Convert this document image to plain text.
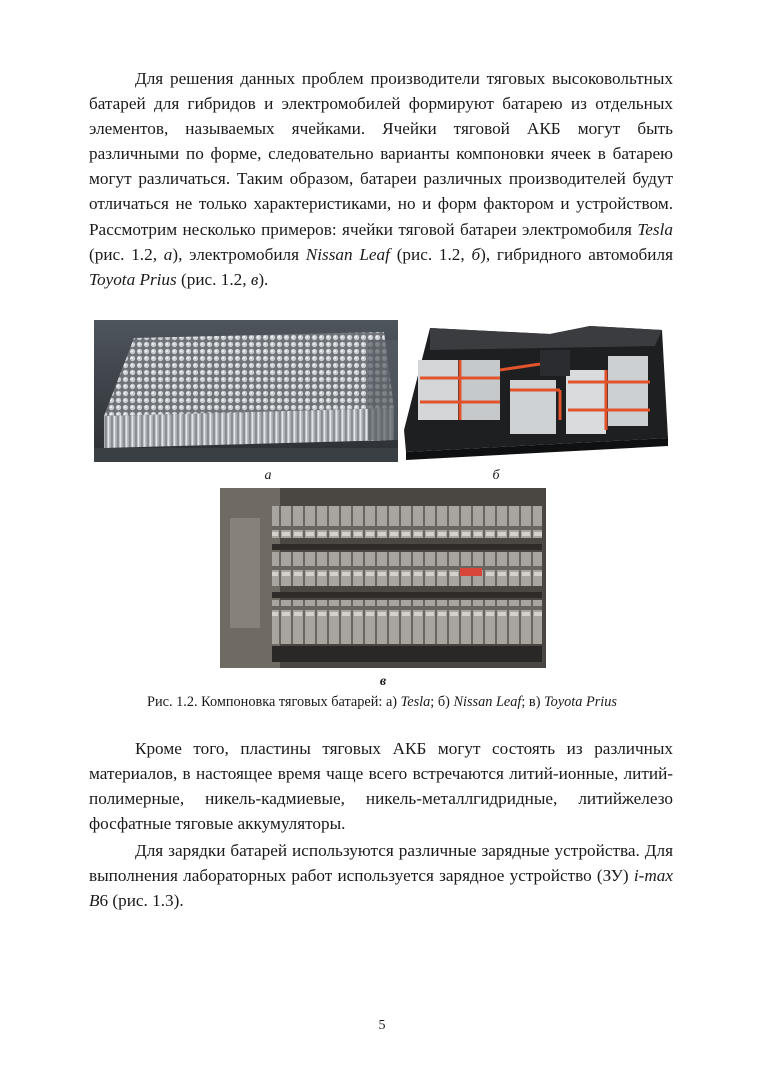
Для решения данных проблем производители тяговых высоковольтных батарей для гибридов и электромобилей формируют батарею из отдельных элементов, называемых ячейками. Ячейки тяговой АКБ могут быть различными по форме, следовательно варианты компоновки ячеек в батарею могут различаться. Таким образом, батареи различных производителей будут отличаться не только характеристиками, но и форм фактором и устройством. Рассмотрим несколько примеров: ячейки тяговой батареи электромобиля Tesla (рис. 1.2, а), электромобиля Nissan Leaf (рис. 1.2, б), гибридного автомобиля Toyota Prius (рис. 1.2, в).

а	б
в
Рис. 1.2. Компоновка тяговых батарей: а) Tesla; б) Nissan Leaf; в) Toyota Prius

Кроме того, пластины тяговых АКБ могут состоять из различных материалов, в настоящее время чаще всего встречаются литий-ионные, литий-полимерные, никель-кадмиевые, никель-металлгидридные, литийжелезо фосфатные тяговые аккумуляторы.

Для зарядки батарей используются различные зарядные устройства. Для выполнения лабораторных работ используется зарядное устройство (ЗУ) i-max B6 (рис. 1.3).

5
